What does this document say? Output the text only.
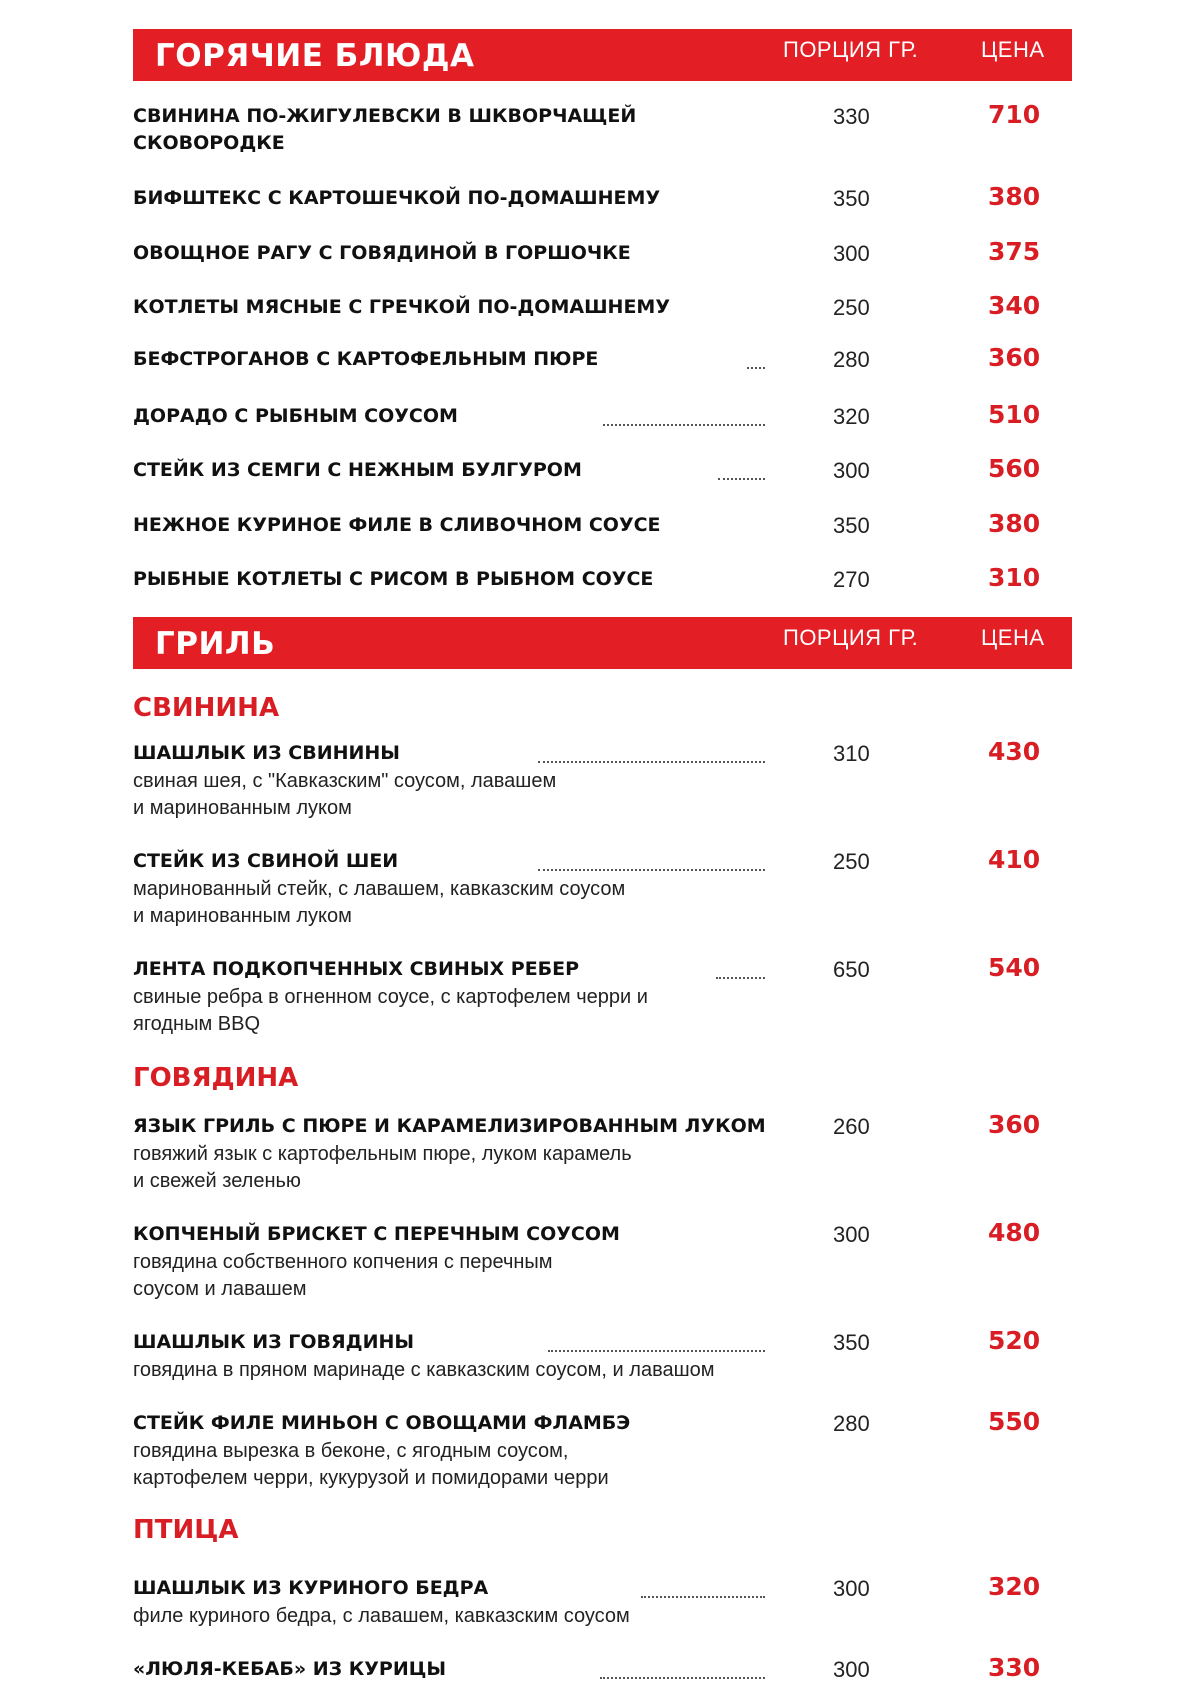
ГОРЯЧИЕ БЛЮДА	ПОРЦИЯ ГР.	ЦЕНА
СВИНИНА ПО-ЖИГУЛЕВСКИ В ШКВОРЧАЩЕЙ СКОВОРОДКЕ
330	710
БИФШТЕКС С КАРТОШЕЧКОЙ ПО-ДОМАШНЕМУ	350	380
ОВОЩНОЕ РАГУ С ГОВЯДИНОЙ В ГОРШОЧКЕ	300	375
КОТЛЕТЫ МЯСНЫЕ С ГРЕЧКОЙ ПО-ДОМАШНЕМУ	250	340
БЕФСТРОГАНОВ С КАРТОФЕЛЬНЫМ ПЮРЕ	280	360
ДОРАДО С РЫБНЫМ СОУСОМ	320	510
СТЕЙК ИЗ СЕМГИ С НЕЖНЫМ БУЛГУРОМ	300	560
НЕЖНОЕ КУРИНОЕ ФИЛЕ В СЛИВОЧНОМ СОУСЕ	350	380
РЫБНЫЕ КОТЛЕТЫ С РИСОМ В РЫБНОМ СОУСЕ	270	310
ГРИЛЬ	ПОРЦИЯ ГР.	ЦЕНА
СВИНИНА
ШАШЛЫК ИЗ СВИНИНЫ	310	430
свиная шея, с "Кавказским" соусом, лавашем
и маринованным луком
СТЕЙК ИЗ СВИНОЙ ШЕИ	250	410
маринованный стейк, с лавашем, кавказским соусом
и маринованным луком
ЛЕНТА ПОДКОПЧЕННЫХ СВИНЫХ РЕБЕР	650	540
свиные ребра в огненном соусе, с картофелем черри и
ягодным BBQ
ГОВЯДИНА
ЯЗЫК ГРИЛЬ С ПЮРЕ И КАРАМЕЛИЗИРОВАННЫМ ЛУКОМ	260	360
говяжий язык с картофельным пюре, луком карамель
и свежей зеленью
КОПЧЕНЫЙ БРИСКЕТ С ПЕРЕЧНЫМ СОУСОМ	300	480
говядина собственного копчения с перечным
соусом и лавашем
ШАШЛЫК ИЗ ГОВЯДИНЫ	350	520
говядина в пряном маринаде с кавказским соусом, и лавашом
СТЕЙК ФИЛЕ МИНЬОН С ОВОЩАМИ ФЛАМБЭ	280	550
говядина вырезка в беконе, с ягодным соусом,
картофелем черри, кукурузой и помидорами черри
ПТИЦА
ШАШЛЫК ИЗ КУРИНОГО БЕДРА	300	320
филе куриного бедра, с лавашем, кавказским соусом
«ЛЮЛЯ-КЕБАБ» ИЗ КУРИЦЫ	300	330
